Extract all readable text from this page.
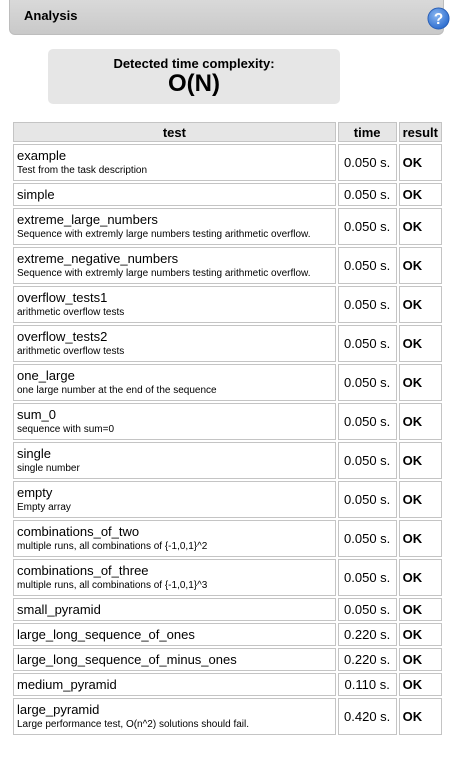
Analysis	?
Detected time complexity:
O(N)
test	time	result

example
Test from the task description	0.050 s.	OK

simple	0.050 s.	OK

extreme_large_numbers
Sequence with extremly large numbers testing arithmetic overflow.	0.050 s.	OK

extreme_negative_numbers
Sequence with extremly large numbers testing arithmetic overflow.	0.050 s.	OK

overflow_tests1
arithmetic overflow tests	0.050 s.	OK

overflow_tests2
arithmetic overflow tests	0.050 s.	OK

one_large
one large number at the end of the sequence	0.050 s.	OK

sum_0
sequence with sum=0	0.050 s.	OK

single
single number	0.050 s.	OK

empty
Empty array	0.050 s.	OK

combinations_of_two
multiple runs, all combinations of {-1,0,1}^2	0.050 s.	OK

combinations_of_three
multiple runs, all combinations of {-1,0,1}^3	0.050 s.	OK

small_pyramid	0.050 s.	OK

large_long_sequence_of_ones	0.220 s.	OK

large_long_sequence_of_minus_ones	0.220 s.	OK

medium_pyramid	0.110 s.	OK

large_pyramid
Large performance test, O(n^2) solutions should fail.	0.420 s.	OK
